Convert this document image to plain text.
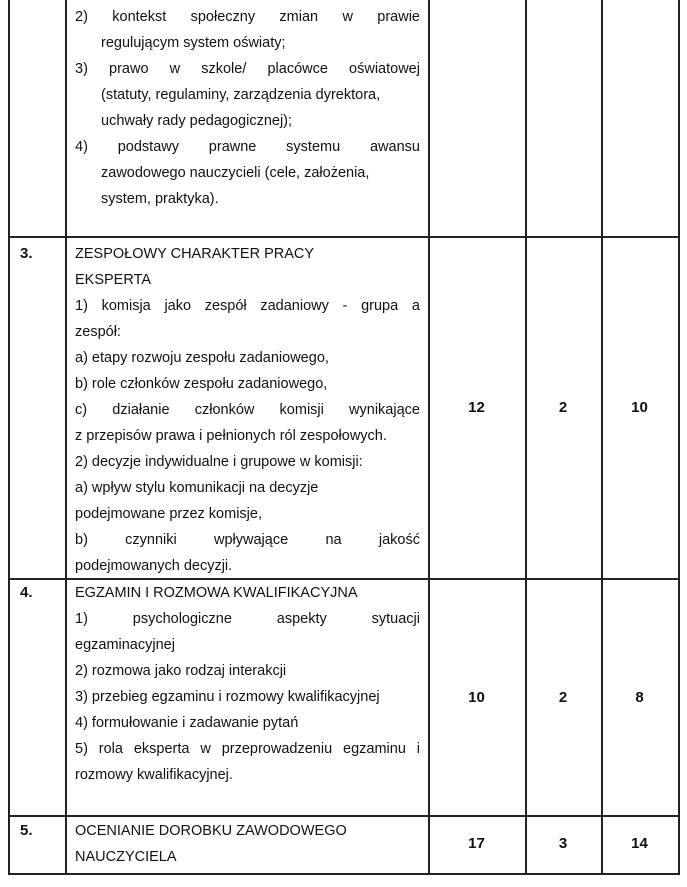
2) kontekst społeczny zmian w prawie
regulującym system oświaty;
3) prawo w szkole/ placówce oświatowej
(statuty, regulaminy, zarządzenia dyrektora,
uchwały rady pedagogicznej);
4) podstawy prawne systemu awansu
zawodowego nauczycieli (cele, założenia,
system, praktyka).
3.	ZESPOŁOWY CHARAKTER PRACY
EKSPERTA
1) komisja jako zespół zadaniowy - grupa a
zespół:
a) etapy rozwoju zespołu zadaniowego,
b) role członków zespołu zadaniowego,
c) działanie członków komisji wynikające
z przepisów prawa i pełnionych ról zespołowych.
2) decyzje indywidualne i grupowe w komisji:
a) wpływ stylu komunikacji na decyzje
podejmowane przez komisje,
b)	czynniki	wpływające	na	jakość
podejmowanych decyzji.
12	2	10
4.	EGZAMIN I ROZMOWA KWALIFIKACYJNA
1)	psychologiczne	aspekty	sytuacji
egzaminacyjnej
2) rozmowa jako rodzaj interakcji
3) przebieg egzaminu i rozmowy kwalifikacyjnej
4) formułowanie i zadawanie pytań
5) rola eksperta w przeprowadzeniu egzaminu i
rozmowy kwalifikacyjnej.
10	2	8
5.	OCENIANIE DOROBKU ZAWODOWEGO
NAUCZYCIELA
17	3	14
